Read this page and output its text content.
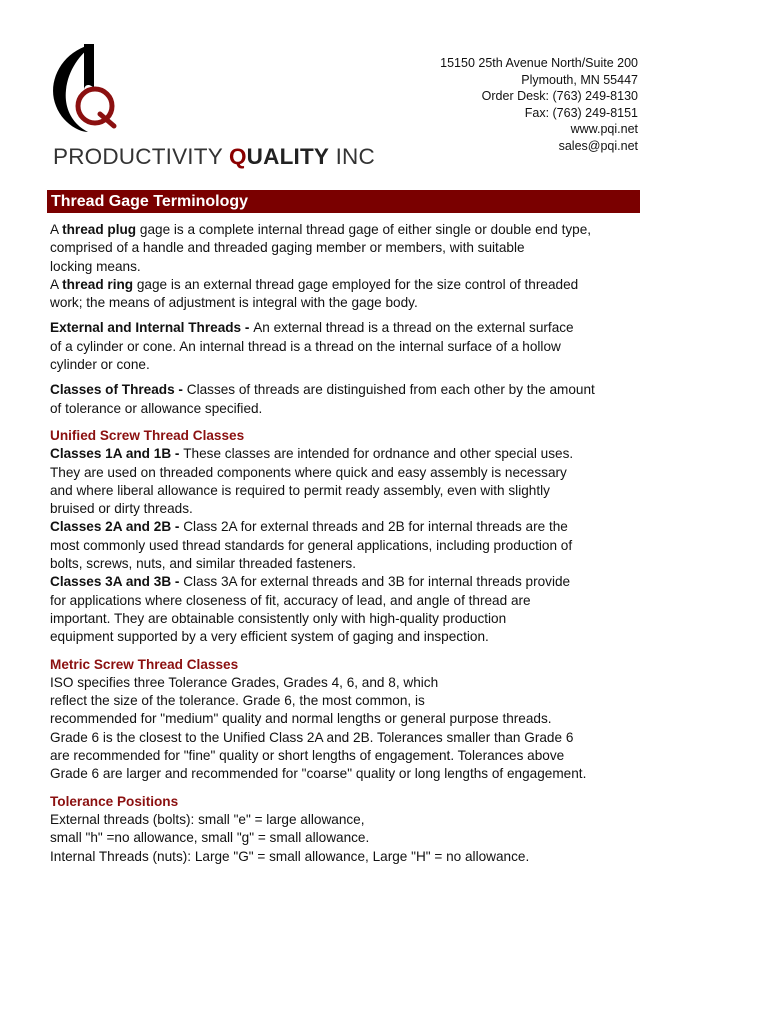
PRODUCTIVITY QUALITY INC
15150 25th Avenue North/Suite 200
Plymouth, MN 55447
Order Desk: (763) 249-8130
Fax: (763) 249-8151
www.pqi.net
sales@pqi.net
Thread Gage Terminology
A thread plug gage is a complete internal thread gage of either single or double end type,
comprised of a handle and threaded gaging member or members, with suitable
locking means.
A thread ring gage is an external thread gage employed for the size control of threaded
work; the means of adjustment is integral with the gage body.
External and Internal Threads - An external thread is a thread on the external surface
of a cylinder or cone. An internal thread is a thread on the internal surface of a hollow
cylinder or cone.
Classes of Threads - Classes of threads are distinguished from each other by the amount
of tolerance or allowance specified.
Unified Screw Thread Classes
Classes 1A and 1B - These classes are intended for ordnance and other special uses.
They are used on threaded components where quick and easy assembly is necessary
and where liberal allowance is required to permit ready assembly, even with slightly
bruised or dirty threads.
Classes 2A and 2B - Class 2A for external threads and 2B for internal threads are the
most commonly used thread standards for general applications, including production of
bolts, screws, nuts, and similar threaded fasteners.
Classes 3A and 3B - Class 3A for external threads and 3B for internal threads provide
for applications where closeness of fit, accuracy of lead, and angle of thread are
important. They are obtainable consistently only with high-quality production
equipment supported by a very efficient system of gaging and inspection.
Metric Screw Thread Classes
ISO specifies three Tolerance Grades, Grades 4, 6, and 8, which
reflect the size of the tolerance. Grade 6, the most common, is
recommended for "medium" quality and normal lengths or general purpose threads.
Grade 6 is the closest to the Unified Class 2A and 2B. Tolerances smaller than Grade 6
are recommended for "fine" quality or short lengths of engagement. Tolerances above
Grade 6 are larger and recommended for "coarse" quality or long lengths of engagement.
Tolerance Positions
External threads (bolts): small "e" = large allowance,
small "h" =no allowance, small "g" = small allowance.
Internal Threads (nuts): Large "G" = small allowance, Large "H" = no allowance.
